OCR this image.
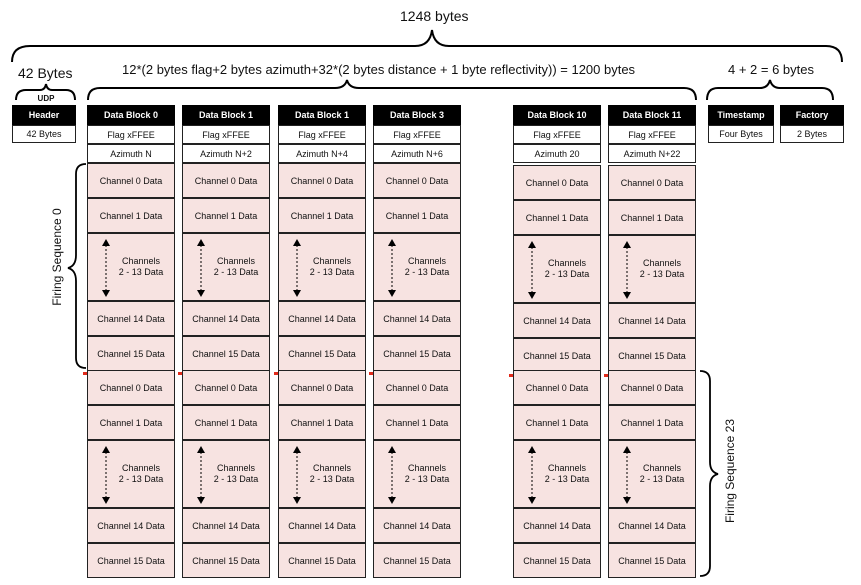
1248 bytes
42 Bytes	12*(2 bytes flag+2 bytes azimuth+32*(2 bytes distance + 1 byte reflectivity)) = 1200 bytes	4 + 2 = 6 bytes
UDP
Header
42 Bytes
Timestamp
Four Bytes
Factory
2 Bytes
Data Block 0
Flag xFFEE
Azimuth N
Channel 0 Data
Channel 1 Data
Channels
2 - 13 Data
Channel 14 Data
Channel 15 Data
Channel 0 Data
Channel 1 Data
Channels
2 - 13 Data
Channel 14 Data
Channel 15 Data
Data Block 1
Flag xFFEE
Azimuth N+2
Channel 0 Data
Channel 1 Data
Channels
2 - 13 Data
Channel 14 Data
Channel 15 Data
Channel 0 Data
Channel 1 Data
Channels
2 - 13 Data
Channel 14 Data
Channel 15 Data
Data Block 1
Flag xFFEE
Azimuth N+4
Channel 0 Data
Channel 1 Data
Channels
2 - 13 Data
Channel 14 Data
Channel 15 Data
Channel 0 Data
Channel 1 Data
Channels
2 - 13 Data
Channel 14 Data
Channel 15 Data
Data Block 3
Flag xFFEE
Azimuth N+6
Channel 0 Data
Channel 1 Data
Channels
2 - 13 Data
Channel 14 Data
Channel 15 Data
Channel 0 Data
Channel 1 Data
Channels
2 - 13 Data
Channel 14 Data
Channel 15 Data
Data Block 10
Flag xFFEE
Azimuth 20
Channel 0 Data
Channel 1 Data
Channels
2 - 13 Data
Channel 14 Data
Channel 15 Data
Channel 0 Data
Channel 1 Data
Channels
2 - 13 Data
Channel 14 Data
Channel 15 Data
Data Block 11
Flag xFFEE
Azimuth N+22
Channel 0 Data
Channel 1 Data
Channels
2 - 13 Data
Channel 14 Data
Channel 15 Data
Channel 0 Data
Channel 1 Data
Channels
2 - 13 Data
Channel 14 Data
Channel 15 Data
Firing Sequence 0
Firing Sequence 23
